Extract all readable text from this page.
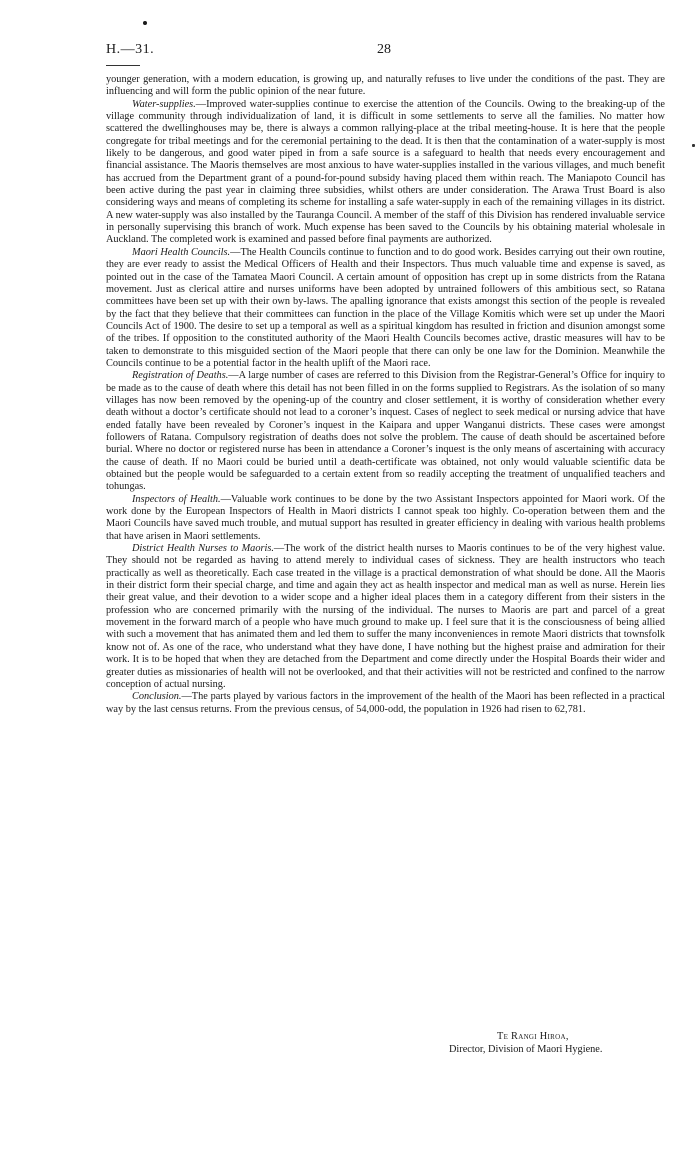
H.—31.	28

younger generation, with a modern education, is growing up, and naturally refuses to live under the conditions of the past. They are influencing and will form the public opinion of the near future.

Water-supplies.—Improved water-supplies continue to exercise the attention of the Councils. Owing to the breaking-up of the village community through individualization of land, it is difficult in some settlements to serve all the families. No matter how scattered the dwellinghouses may be, there is always a common rallying-place at the tribal meeting-house. It is here that the people congregate for tribal meetings and for the ceremonial pertaining to the dead. It is then that the contamination of a water-supply is most likely to be dangerous, and good water piped in from a safe source is a safeguard to health that needs every encouragement and financial assistance. The Maoris themselves are most anxious to have water-supplies installed in the various villages, and much benefit has accrued from the Department grant of a pound-for-pound subsidy having placed them within reach. The Maniapoto Council has been active during the past year in claiming three subsidies, whilst others are under consideration. The Arawa Trust Board is also considering ways and means of completing its scheme for installing a safe water-supply in each of the remaining villages in its district. A new water-supply was also installed by the Tauranga Council. A member of the staff of this Division has rendered invaluable service in personally supervising this branch of work. Much expense has been saved to the Councils by his obtaining material wholesale in Auckland. The completed work is examined and passed before final payments are authorized.

Maori Health Councils.—The Health Councils continue to function and to do good work. Besides carrying out their own routine, they are ever ready to assist the Medical Officers of Health and their Inspectors. Thus much valuable time and expense is saved, as pointed out in the case of the Tamatea Maori Council. A certain amount of opposition has crept up in some districts from the Ratana movement. Just as clerical attire and nurses uniforms have been adopted by untrained followers of this ambitious sect, so Ratana committees have been set up with their own by-laws. The apalling ignorance that exists amongst this section of the people is revealed by the fact that they believe that their committees can function in the place of the Village Komitis which were set up under the Maori Councils Act of 1900. The desire to set up a temporal as well as a spiritual kingdom has resulted in friction and disunion amongst some of the tribes. If opposition to the constituted authority of the Maori Health Councils becomes active, drastic measures will hav to be taken to demonstrate to this misguided section of the Maori people that there can only be one law for the Dominion. Meanwhile the Councils continue to be a potential factor in the health uplift of the Maori race.

Registration of Deaths.—A large number of cases are referred to this Division from the Registrar-General’s Office for inquiry to be made as to the cause of death where this detail has not been filled in on the forms supplied to Registrars. As the isolation of so many villages has now been removed by the opening-up of the country and closer settlement, it is worthy of consideration whether every death without a doctor’s certificate should not lead to a coroner’s inquest. Cases of neglect to seek medical or nursing advice that have ended fatally have been revealed by Coroner’s inquest in the Kaipara and upper Wanganui districts. These cases were amongst followers of Ratana. Compulsory registration of deaths does not solve the problem. The cause of death should be ascertained before burial. Where no doctor or registered nurse has been in attendance a Coroner’s inquest is the only means of ascertaining with accuracy the cause of death. If no Maori could be buried until a death-certificate was obtained, not only would valuable scientific data be obtained but the people would be safeguarded to a certain extent from so readily accepting the treatment of unqualified teachers and tohungas.

Inspectors of Health.—Valuable work continues to be done by the two Assistant Inspectors appointed for Maori work. Of the work done by the European Inspectors of Health in Maori districts I cannot speak too highly. Co-operation between them and the Maori Councils have saved much trouble, and mutual support has resulted in greater efficiency in dealing with various health problems that have arisen in Maori settlements.

District Health Nurses to Maoris.—The work of the district health nurses to Maoris continues to be of the very highest value. They should not be regarded as having to attend merely to individual cases of sickness. They are health instructors who teach practically as well as theoretically. Each case treated in the village is a practical demonstration of what should be done. All the Maoris in their district form their special charge, and time and again they act as health inspector and medical man as well as nurse. Herein lies their great value, and their devotion to a wider scope and a higher ideal places them in a category different from their sisters in the profession who are concerned primarily with the nursing of the individual. The nurses to Maoris are part and parcel of a great movement in the forward march of a people who have much ground to make up. I feel sure that it is the consciousness of being allied with such a movement that has animated them and led them to suffer the many inconveniences in remote Maori districts that townsfolk know not of. As one of the race, who understand what they have done, I have nothing but the highest praise and admiration for their work. It is to be hoped that when they are detached from the Department and come directly under the Hospital Boards their wider and greater duties as missionaries of health will not be overlooked, and that their activities will not be restricted and confined to the narrow conception of actual nursing.

Conclusion.—The parts played by various factors in the improvement of the health of the Maori has been reflected in a practical way by the last census returns. From the previous census, of 54,000-odd, the population in 1926 had risen to 62,781.

Te Rangi Hiroa,
Director, Division of Maori Hygiene.
